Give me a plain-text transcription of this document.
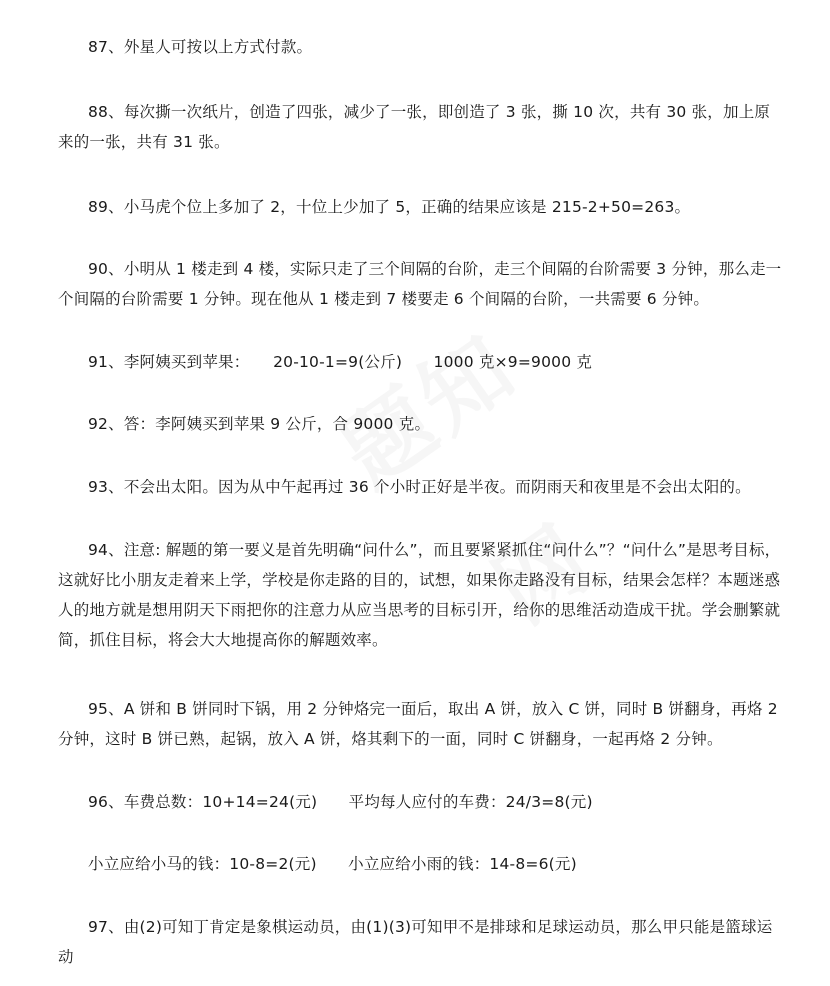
87、外星人可按以上方式付款。

88、每次撕一次纸片，创造了四张，减少了一张，即创造了 3 张，撕 10 次，共有 30 张，加上原来的一张，共有 31 张。

89、小马虎个位上多加了 2，十位上少加了 5，正确的结果应该是 215-2+50=263。

90、小明从 1 楼走到 4 楼，实际只走了三个间隔的台阶，走三个间隔的台阶需要 3 分钟，那么走一个间隔的台阶需要 1 分钟。现在他从 1 楼走到 7 楼要走 6 个间隔的台阶，一共需要 6 分钟。

91、李阿姨买到苹果：　　20-10-1=9(公斤)　　1000 克×9=9000 克

92、答：李阿姨买到苹果 9 公斤，合 9000 克。

93、不会出太阳。因为从中午起再过 36 个小时正好是半夜。而阴雨天和夜里是不会出太阳的。

94、注意: 解题的第一要义是首先明确“问什么”，而且要紧紧抓住“问什么”？“问什么”是思考目标，这就好比小朋友走着来上学，学校是你走路的目的，试想，如果你走路没有目标，结果会怎样？本题迷惑人的地方就是想用阴天下雨把你的注意力从应当思考的目标引开，给你的思维活动造成干扰。学会删繁就简，抓住目标，将会大大地提高你的解题效率。

95、A 饼和 B 饼同时下锅，用 2 分钟烙完一面后，取出 A 饼，放入 C 饼，同时 B 饼翻身，再烙 2 分钟，这时 B 饼已熟，起锅，放入 A 饼，烙其剩下的一面，同时 C 饼翻身，一起再烙 2 分钟。

96、车费总数：10+14=24(元)　　平均每人应付的车费：24/3=8(元)

小立应给小马的钱：10-8=2(元)　　小立应给小雨的钱：14-8=6(元)

97、由(2)可知丁肯定是象棋运动员，由(1)(3)可知甲不是排球和足球运动员，那么甲只能是篮球运动
